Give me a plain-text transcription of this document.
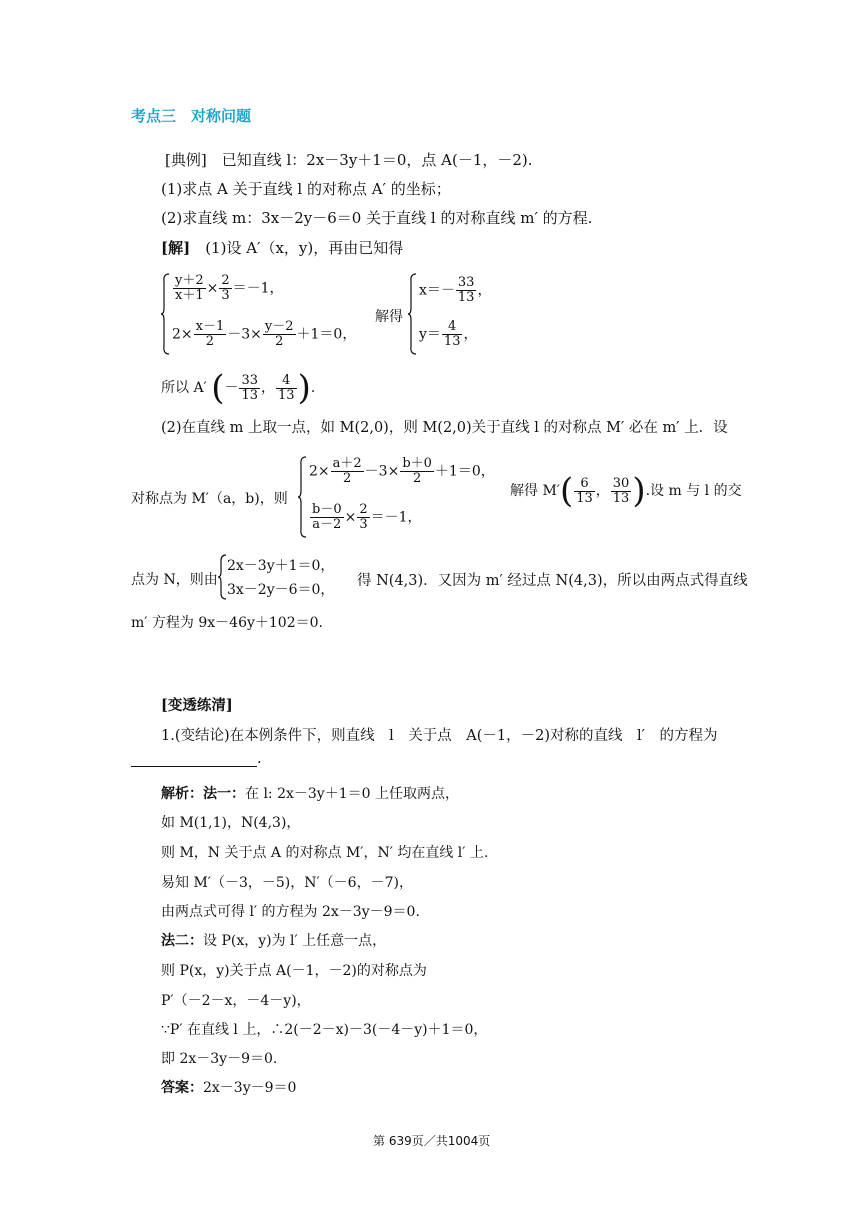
考点三　对称问题
[典例]　已知直线 l：2x－3y＋1＝0，点 A(－1，－2).
(1)求点 A 关于直线 l 的对称点 A′ 的坐标；
(2)求直线 m：3x－2y－6＝0 关于直线 l 的对称直线 m′ 的方程.
[解]　(1)设 A′（x，y)，再由已知得
$\frac{y+2}{x+1} \times \frac{2}{3} =-1$，
$2\times \frac{x-1}{2} -3\times \frac{y-2}{2} +1=0$，
解得
$x=- \frac{33}{13}$ ，
$y= \frac{4}{13}$ ，
所以 A′ (－ $\frac{33}{13}$ ， $\frac{4}{13}$ ).
(2)在直线 m 上取一点，如 M(2,0)，则 M(2,0)关于直线 l 的对称点 M′ 必在 m′ 上．设
对称点为 M′（a，b)，则
$2\times \frac{a+2}{2} -3\times \frac{b+0}{2} +1=0$，
$\frac{b-0}{a-2} \times \frac{2}{3} =-1$，
解得 $M'( \frac{6}{13}$ ， $\frac{30}{13}$ ).设 m 与 l 的交
点为 N，则由
2x－3y＋1＝0，
3x－2y－6＝0，
得 N(4,3)．又因为 m′ 经过点 N(4,3)，所以由两点式得直线
m′ 方程为 9x－46y＋102＝0.
[变透练清]
1.(变结论)在本例条件下，则直线　l　关于点　A(－1，－2)对称的直线　l′　的方程为
.
解析：法一：在 l: 2x－3y＋1＝0 上任取两点，
如 M(1,1)，N(4,3)，
则 M，N 关于点 A 的对称点 M′，N′ 均在直线 l′ 上.
易知 M′（－3，－5)，N′（－6，－7)，
由两点式可得 l′ 的方程为 2x－3y－9＝0.
法二：设 P(x，y)为 l′ 上任意一点，
则 P(x，y)关于点 A(－1，－2)的对称点为
P′（－2－x，－4－y)，
∵P′ 在直线 l 上，∴2(－2－x)－3(－4－y)＋1＝0，
即 2x－3y－9＝0.
答案：2x－3y－9＝0
第 639页／共1004页
